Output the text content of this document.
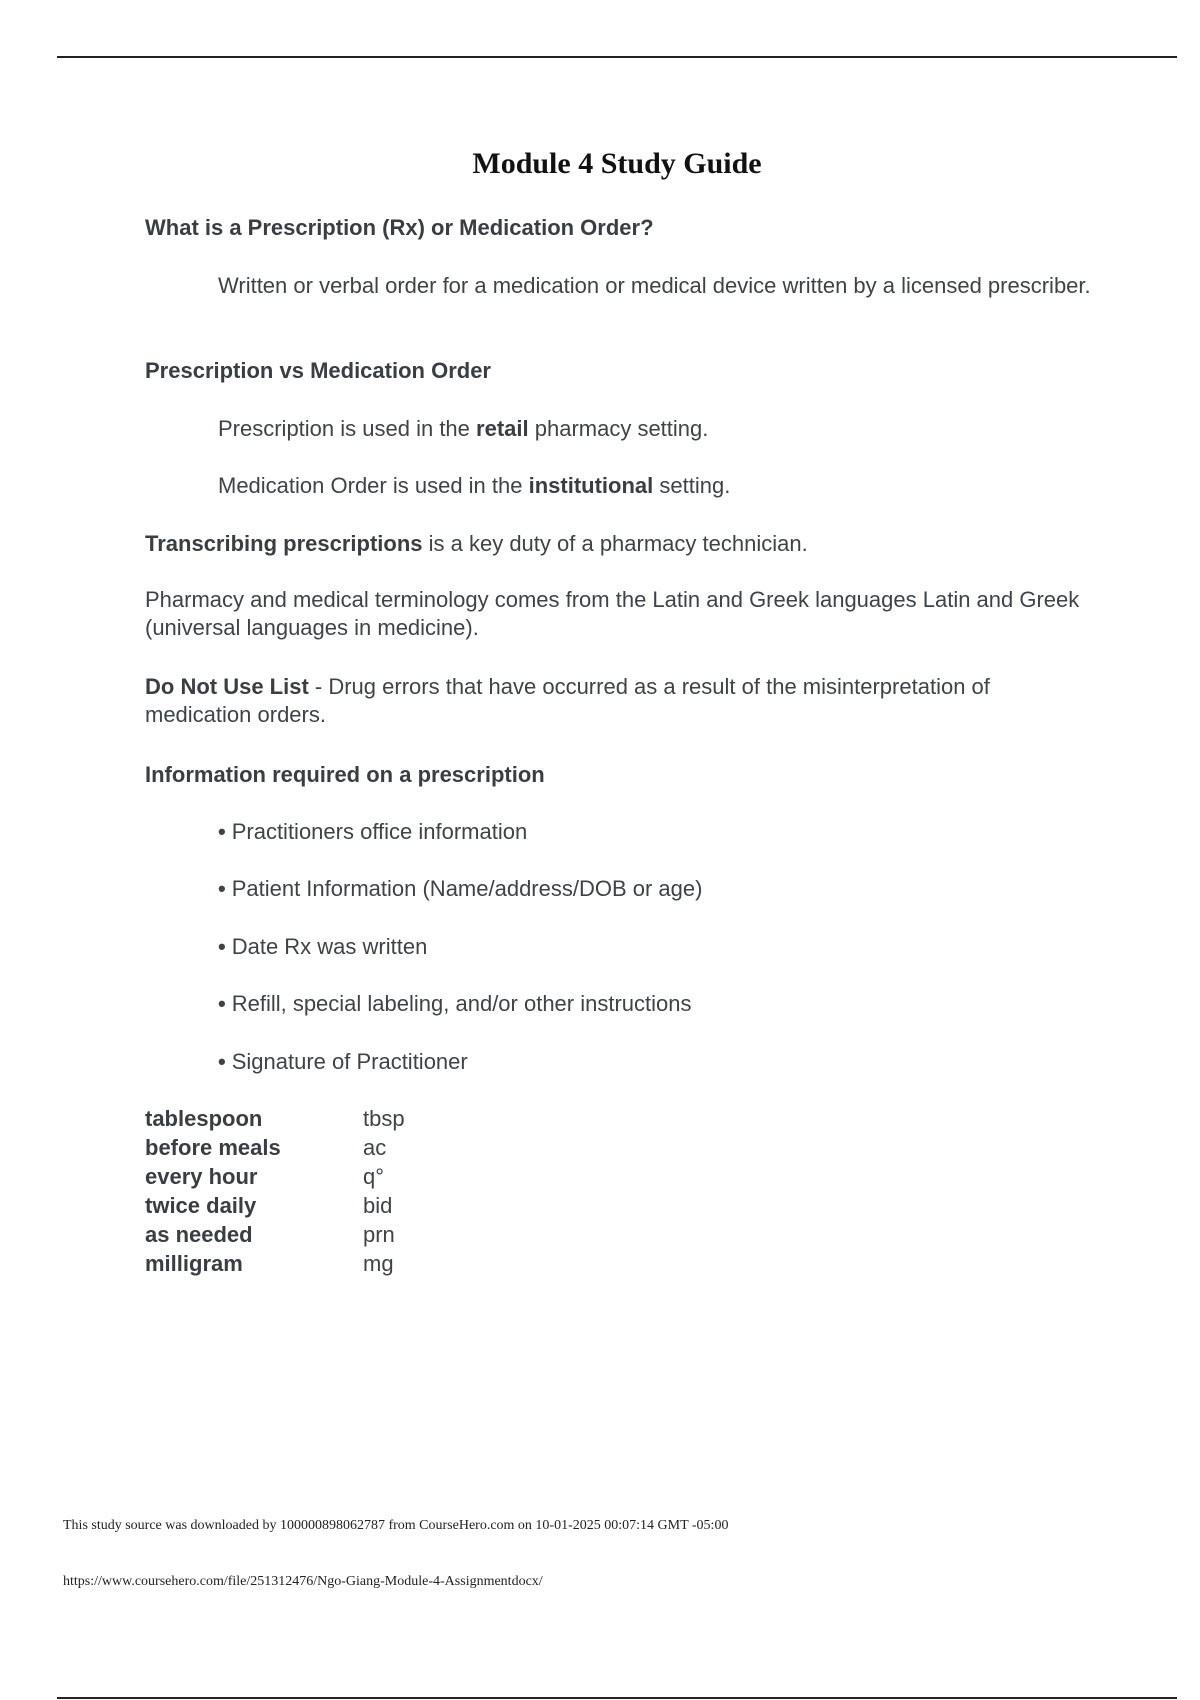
Module 4 Study Guide

What is a Prescription (Rx) or Medication Order?

Written or verbal order for a medication or medical device written by a licensed prescriber.

Prescription vs Medication Order

Prescription is used in the retail pharmacy setting.

Medication Order is used in the institutional setting.

Transcribing prescriptions is a key duty of a pharmacy technician.

Pharmacy and medical terminology comes from the Latin and Greek languages Latin and Greek (universal languages in medicine).

Do Not Use List - Drug errors that have occurred as a result of the misinterpretation of medication orders.

Information required on a prescription

• Practitioners office information

• Patient Information (Name/address/DOB or age)

• Date Rx was written

• Refill, special labeling, and/or other instructions

• Signature of Practitioner

tablespoon	tbsp
before meals	ac
every hour	q°
twice daily	bid
as needed	prn
milligram	mg
This study source was downloaded by 100000898062787 from CourseHero.com on 10-01-2025 00:07:14 GMT -05:00
https://www.coursehero.com/file/251312476/Ngo-Giang-Module-4-Assignmentdocx/
